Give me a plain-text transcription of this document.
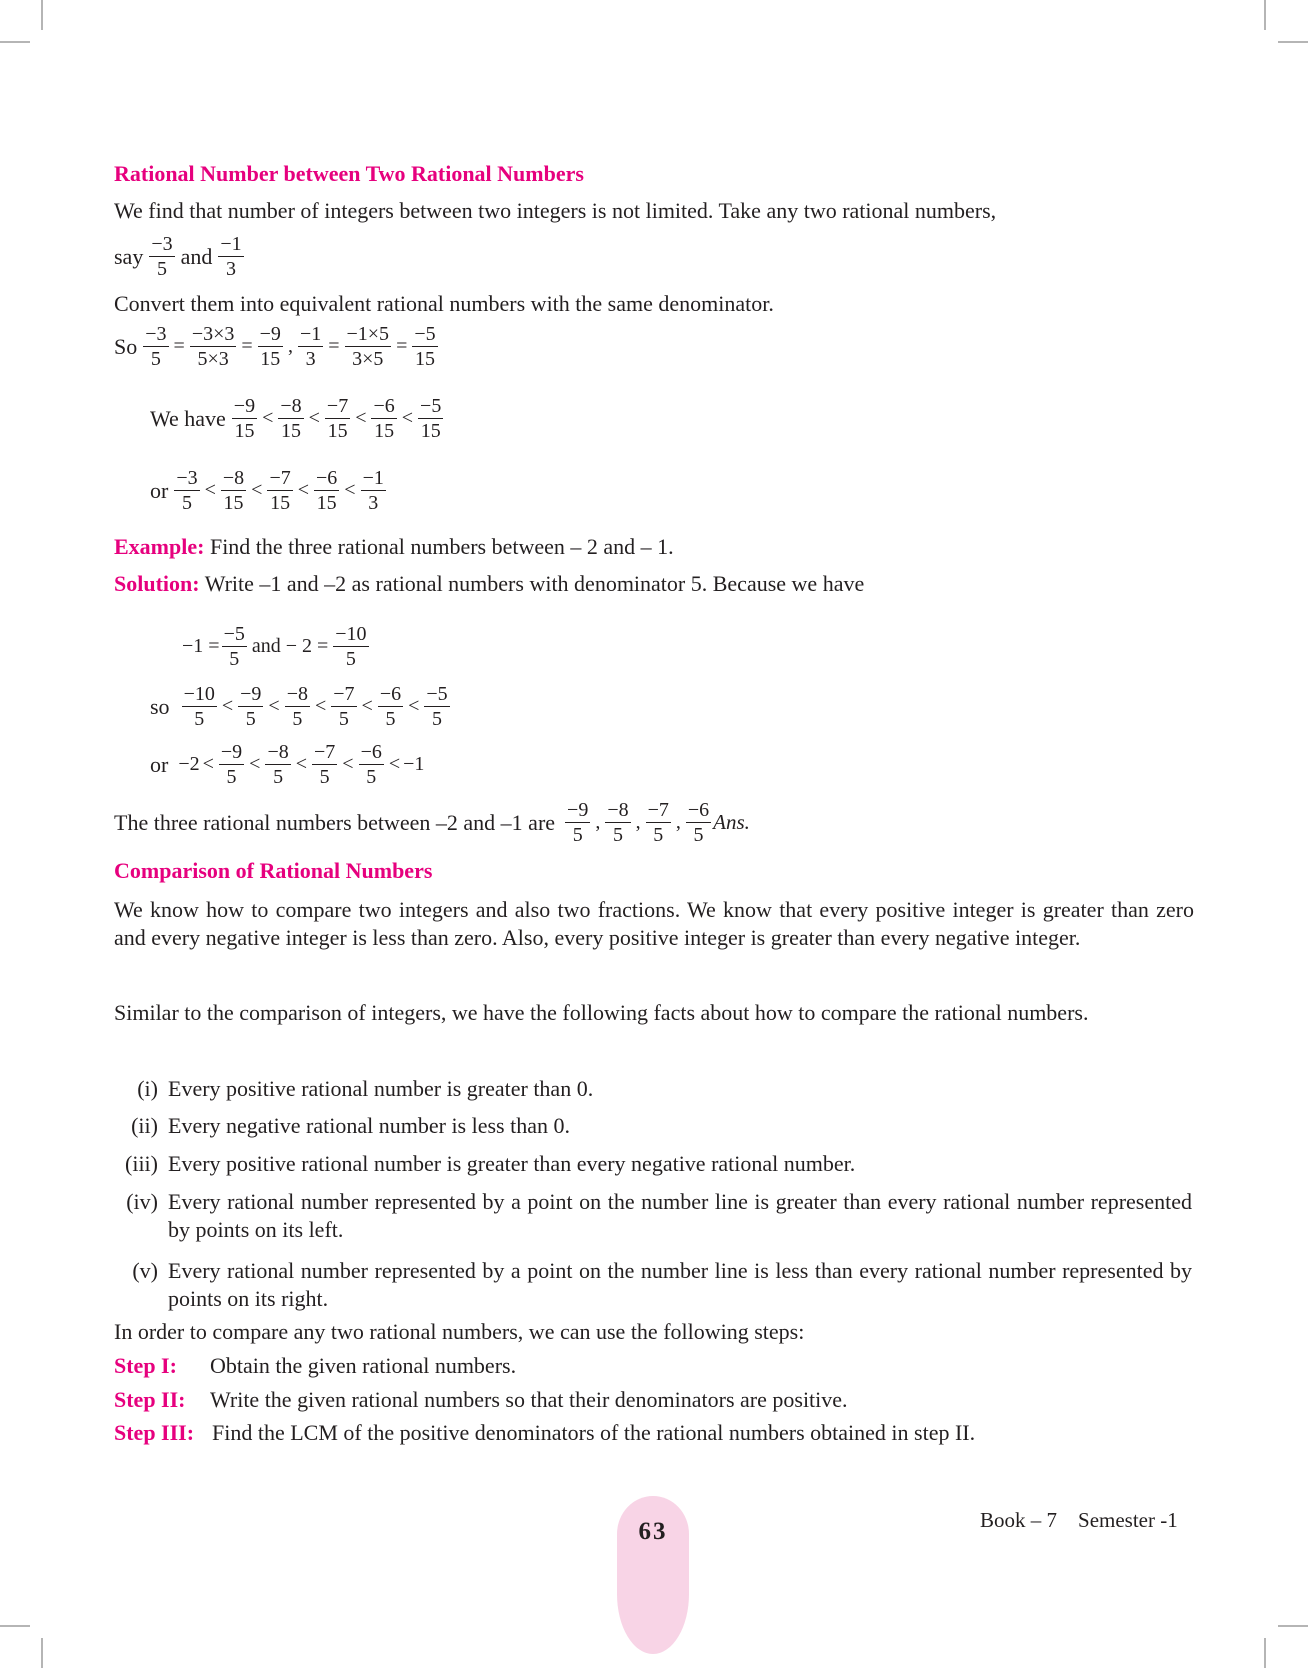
Rational Number between Two Rational Numbers
We find that number of integers between two integers is not limited. Take any two rational numbers,
say $\frac{-3}{5}$ and $\frac{-1}{3}$
Convert them into equivalent rational numbers with the same denominator.
So $\frac{-3}{5} = \frac{-3\times 3}{5\times 3} = \frac{-9}{15}$ , $\frac{-1}{3} = \frac{-1\times 5}{3\times 5} = \frac{-5}{15}$
We have $\frac{-9}{15} < \frac{-8}{15} < \frac{-7}{15} < \frac{-6}{15} < \frac{-5}{15}$
or $\frac{-3}{5} < \frac{-8}{15} < \frac{-7}{15} < \frac{-6}{15} < \frac{-1}{3}$
Example: Find the three rational numbers between – 2 and – 1.
Solution: Write –1 and –2 as rational numbers with denominator 5. Because we have
$-1 = \frac{-5}{5}$ and − $2 = \frac{-10}{5}$
so $\frac{-10}{5} < \frac{-9}{5} < \frac{-8}{5} < \frac{-7}{5} < \frac{-6}{5} < \frac{-5}{5}$
or $-2 < \frac{-9}{5} < \frac{-8}{5} < \frac{-7}{5} < \frac{-6}{5} < -1$
The three rational numbers between –2 and –1 are $\frac{-9}{5}$ , $\frac{-8}{5}$ , $\frac{-7}{5}$ , $\frac{-6}{5}$ Ans.
Comparison of Rational Numbers
We know how to compare two integers and also two fractions. We know that every positive integer is greater than zero and every negative integer is less than zero. Also, every positive integer is greater than every negative integer.
Similar to the comparison of integers, we have the following facts about how to compare the rational numbers.
(i) Every positive rational number is greater than 0.
(ii) Every negative rational number is less than 0.
(iii) Every positive rational number is greater than every negative rational number.
(iv) Every rational number represented by a point on the number line is greater than every rational number represented by points on its left.
(v) Every rational number represented by a point on the number line is less than every rational number represented by points on its right.
In order to compare any two rational numbers, we can use the following steps:
Step I: Obtain the given rational numbers.
Step II: Write the given rational numbers so that their denominators are positive.
Step III: Find the LCM of the positive denominators of the rational numbers obtained in step II.
63	Book – 7 Semester -1
